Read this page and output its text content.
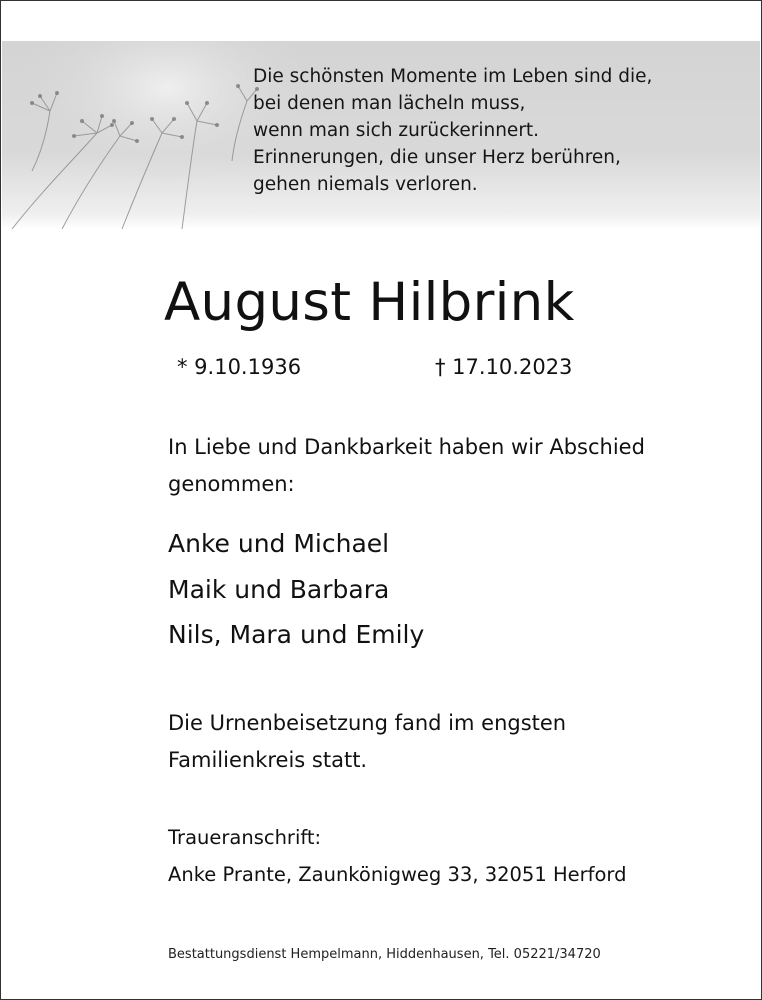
Die schönsten Momente im Leben sind die,
bei denen man lächeln muss,
wenn man sich zurückerinnert.
Erinnerungen, die unser Herz berühren,
gehen niemals verloren.
August Hilbrink
* 9.10.1936	† 17.10.2023
In Liebe und Dankbarkeit haben wir Abschied
genommen:
Anke und Michael
Maik und Barbara
Nils, Mara und Emily
Die Urnenbeisetzung fand im engsten
Familienkreis statt.
Traueranschrift:
Anke Prante, Zaunkönigweg 33, 32051 Herford
Bestattungsdienst Hempelmann, Hiddenhausen, Tel. 05221/34720
